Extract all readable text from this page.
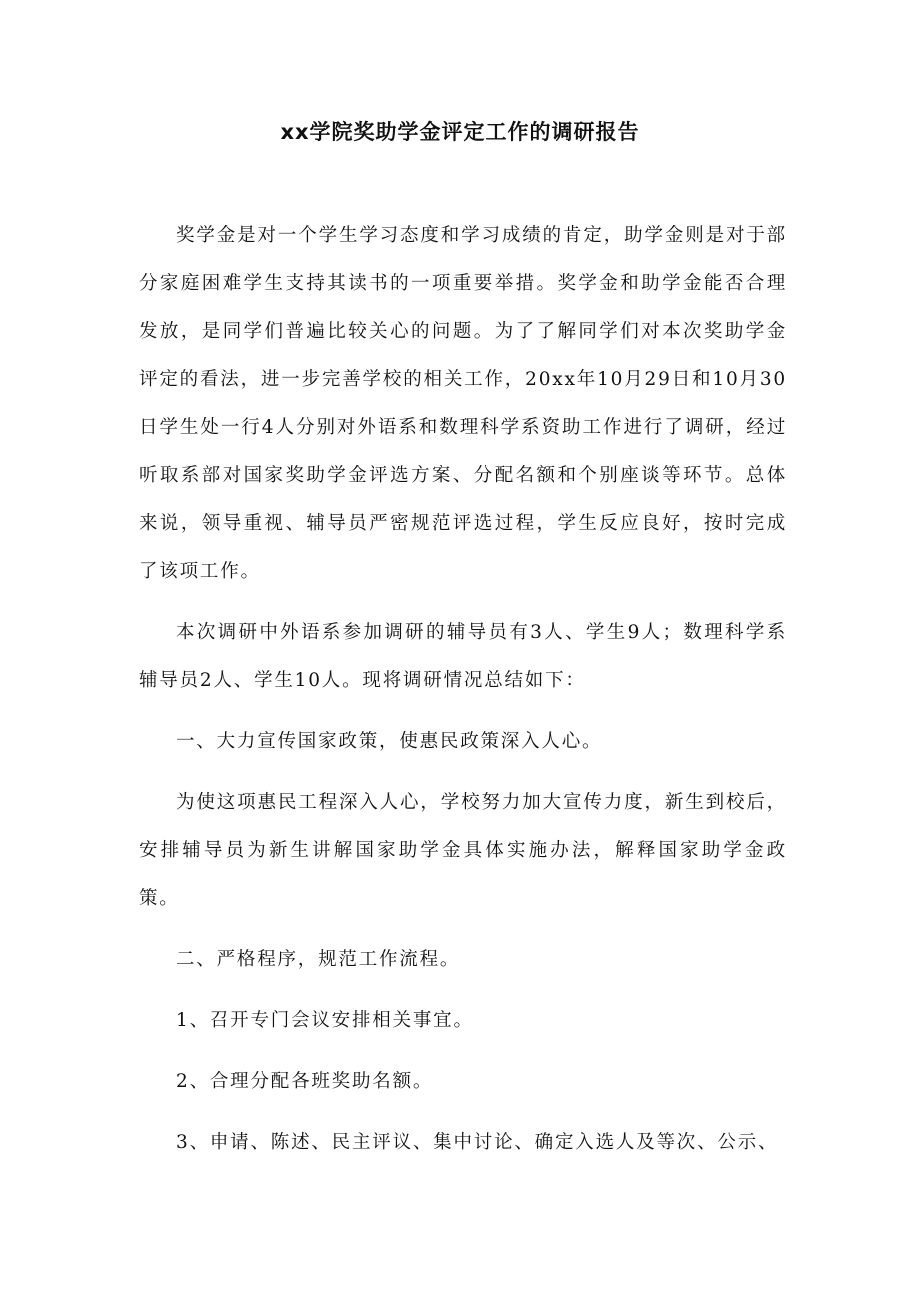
xx学院奖助学金评定工作的调研报告

奖学金是对一个学生学习态度和学习成绩的肯定，助学金则是对于部分家庭困难学生支持其读书的一项重要举措。奖学金和助学金能否合理发放，是同学们普遍比较关心的问题。为了了解同学们对本次奖助学金评定的看法，进一步完善学校的相关工作，20xx年10月29日和10月30日学生处一行4人分别对外语系和数理科学系资助工作进行了调研，经过听取系部对国家奖助学金评选方案、分配名额和个别座谈等环节。总体来说，领导重视、辅导员严密规范评选过程，学生反应良好，按时完成了该项工作。

本次调研中外语系参加调研的辅导员有3人、学生9人；数理科学系辅导员2人、学生10人。现将调研情况总结如下：

一、大力宣传国家政策，使惠民政策深入人心。

为使这项惠民工程深入人心，学校努力加大宣传力度，新生到校后，安排辅导员为新生讲解国家助学金具体实施办法，解释国家助学金政策。

二、严格程序，规范工作流程。

1、召开专门会议安排相关事宜。

2、合理分配各班奖助名额。

3、申请、陈述、民主评议、集中讨论、确定入选人及等次、公示、
